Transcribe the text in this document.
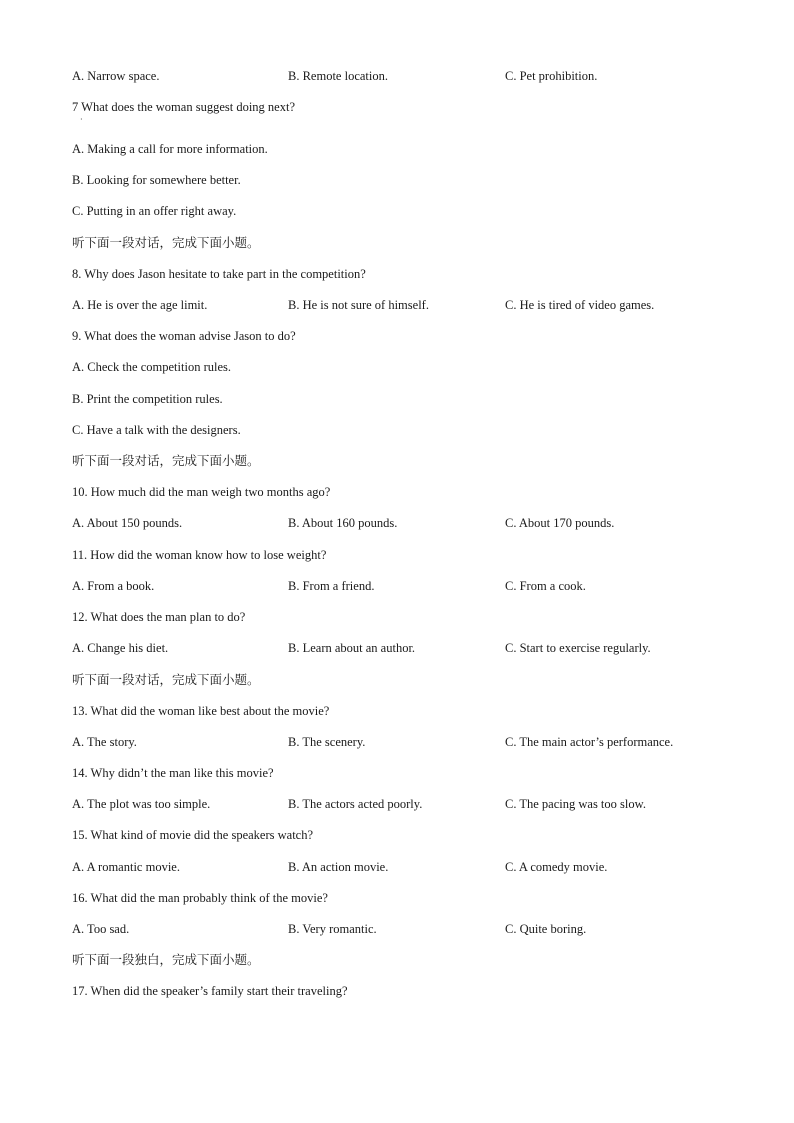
A. Narrow space.	B. Remote location.	C. Pet prohibition.
7 What does the woman suggest doing next?
·
A. Making a call for more information.
B. Looking for somewhere better.
C. Putting in an offer right away.
听下面一段对话，完成下面小题。
8. Why does Jason hesitate to take part in the competition?
A. He is over the age limit.	B. He is not sure of himself.	C. He is tired of video games.
9. What does the woman advise Jason to do?
A. Check the competition rules.
B. Print the competition rules.
C. Have a talk with the designers.
听下面一段对话，完成下面小题。
10. How much did the man weigh two months ago?
A. About 150 pounds.	B. About 160 pounds.	C. About 170 pounds.
11. How did the woman know how to lose weight?
A. From a book.	B. From a friend.	C. From a cook.
12. What does the man plan to do?
A. Change his diet.	B. Learn about an author.	C. Start to exercise regularly.
听下面一段对话，完成下面小题。
13. What did the woman like best about the movie?
A. The story.	B. The scenery.	C. The main actor’s performance.
14. Why didn’t the man like this movie?
A. The plot was too simple.	B. The actors acted poorly.	C. The pacing was too slow.
15. What kind of movie did the speakers watch?
A. A romantic movie.	B. An action movie.	C. A comedy movie.
16. What did the man probably think of the movie?
A. Too sad.	B. Very romantic.	C. Quite boring.
听下面一段独白，完成下面小题。
17. When did the speaker’s family start their traveling?
